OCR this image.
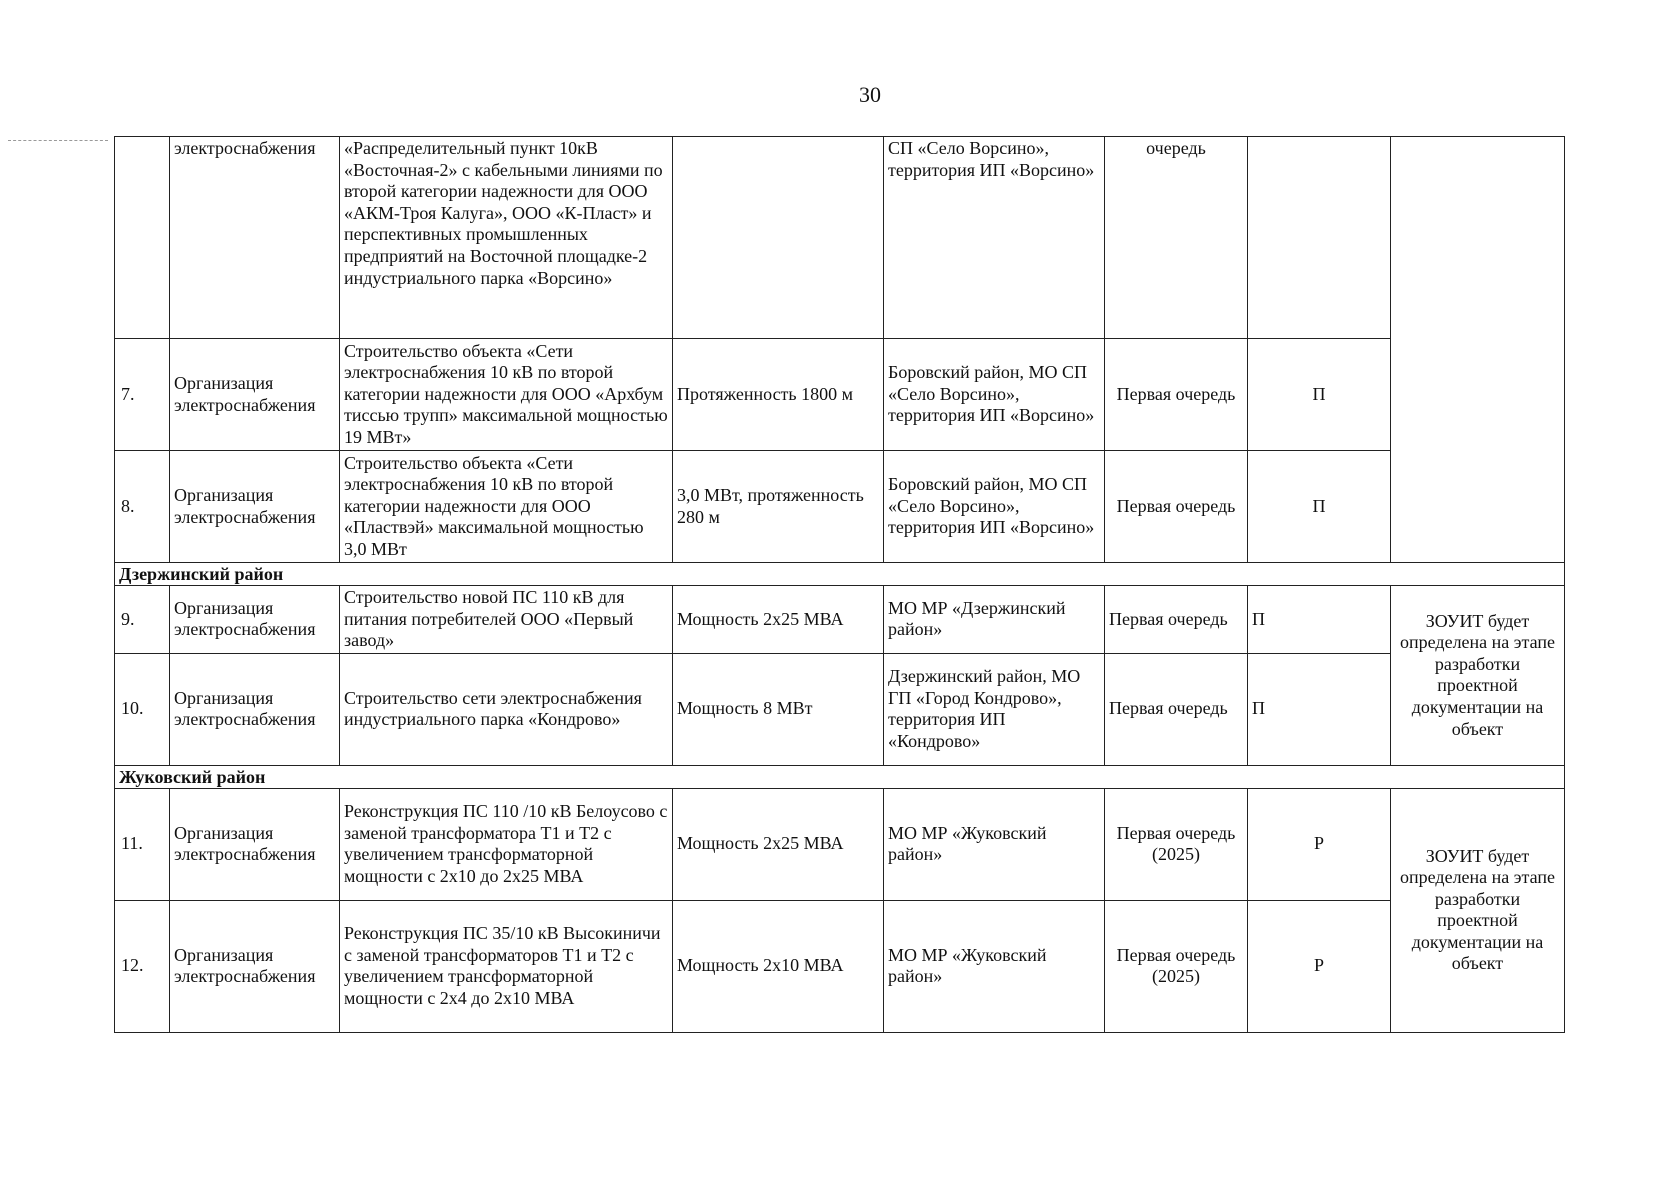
30
	электроснабжения	«Распределительный пункт 10кВ «Восточная-2» с кабельными линиями по второй категории надежности для ООО «АКМ-Троя Калуга», ООО «К-Пласт» и перспективных промышленных предприятий на Восточной площадке-2 индустриального парка «Ворсино»		СП «Село Ворсино», территория ИП «Ворсино»	очередь		
7.	Организация электроснабжения	Строительство объекта «Сети электроснабжения 10 кВ по второй категории надежности для ООО «Архбум тиссью трупп» максимальной мощностью 19 МВт»	Протяженность 1800 м	Боровский район, МО СП «Село Ворсино», территория ИП «Ворсино»	Первая очередь	П	
8.	Организация электроснабжения	Строительство объекта «Сети электроснабжения 10 кВ по второй категории надежности для ООО «Пластвэй» максимальной мощностью 3,0 МВт	3,0 МВт, протяженность 280 м	Боровский район, МО СП «Село Ворсино», территория ИП «Ворсино»	Первая очередь	П	
Дзержинский район							
9.	Организация электроснабжения	Строительство новой ПС 110 кВ для питания потребителей ООО «Первый завод»	Мощность 2х25 МВА	МО МР «Дзержинский район»	Первая очередь	П	ЗОУИТ будет определена на этапе разработки проектной документации на объект
10.	Организация электроснабжения	Строительство сети электроснабжения индустриального парка «Кондрово»	Мощность 8 МВт	Дзержинский район, МО ГП «Город Кондрово», территория ИП «Кондрово»	Первая очередь	П	
Жуковский район							
11.	Организация электроснабжения	Реконструкция ПС 110 /10 кВ Белоусово с заменой трансформатора Т1 и Т2 с увеличением трансформаторной мощности с 2х10 до 2х25 МВА	Мощность 2х25 МВА	МО МР «Жуковский район»	Первая очередь (2025)	Р	ЗОУИТ будет определена на этапе разработки проектной документации на объект
12.	Организация электроснабжения	Реконструкция ПС 35/10 кВ Высокиничи с заменой трансформаторов Т1 и Т2 с увеличением трансформаторной мощности с 2х4 до 2х10 МВА	Мощность 2х10 МВА	МО МР «Жуковский район»	Первая очередь (2025)	Р	
